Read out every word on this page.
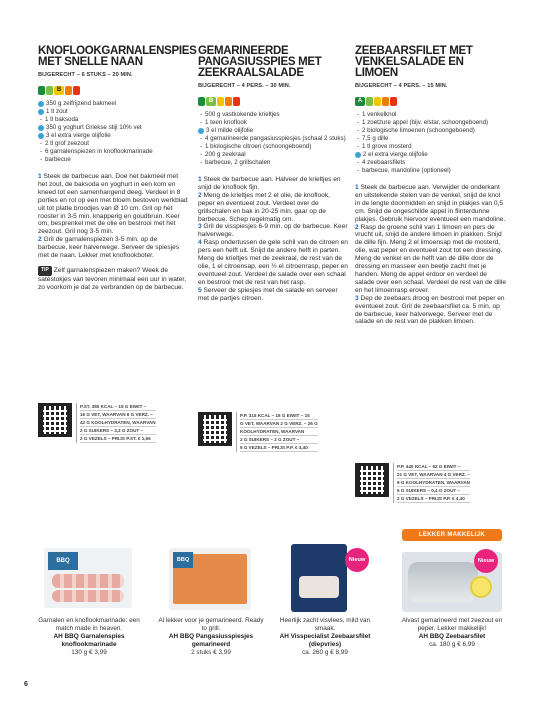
KNOFLOOKGARNALENSPIES MET SNELLE NAAN
BIJGERECHT – 6 STUKS – 20 MIN.
B
350 g zelfrijzend bakmeel
1 tl zout
- 1 tl baksoda
350 g yoghurt Griekse stijl 10% vet
3 el extra vierge olijfolie
- 2 tl grof zeezout
- 6 garnalenspiezen in knoflookmarinade
- barbecue

1 Steek de barbecue aan. Doe het bakmeel met het zout, de baksoda en yoghurt in een kom en kneed tot een samenhangend deeg. Verdeel in 8 porties en rol op een met bloem bestoven werkblad uit tot platte broodjes van Ø 10 cm. Gril op het rooster in 3-5 min. knapperig en goudbruin. Keer om, besprenkel met de olie en bestrooi met het zeezout. Gril nog 3-5 min.

2 Gril de garnalenspiezen 3-5 min. op de barbecue, keer halverwege. Serveer de spiesjes met de naan. Lekker met knoflookboter.

TIP Zelf garnalenspiezen maken? Week de satéstokjes van tevoren minimaal een uur in water, zo voorkom je dat ze verbranden op de barbecue.
GEMARINEERDE PANGASIUSSPIES MET ZEEKRAALSALADE
BIJGERECHT – 4 PERS. – 30 MIN.
B
- 500 g vastkokende krieltjes
- 1 teen knoflook
3 el milde olijfolie
- 4 gemarineerde pangasiusspiesjes (schaal 2 stuks)
- 1 biologische citroen (schoongeboend)
- 200 g zeekraal
- barbecue, 2 grillschalen

1 Steek de barbecue aan. Halveer de krieltjes en snijd de knoflook fijn.

2 Meng de krieltjes met 2 el olie, de knoflook, peper en eventueel zout. Verdeel over de grillschalen en bak in 20-25 min. gaar op de barbecue. Schep regelmatig om.

3 Gril de visspiesjes 6-9 min. op de barbecue. Keer halverwege.

4 Rasp ondertussen de gele schil van de citroen en pers een helft uit. Snijd de andere helft in parten. Meng de krieltjes met de zeekraal, de rest van de olie, 1 el citroensap, een ½ el citroenrasp, peper en eventueel zout. Verdeel de salade over een schaal en bestrooi met de rest van het rasp.

5 Serveer de spiesjes met de salade en serveer met de partjes citroen.

ZEEBAARSFILET MET VENKELSALADE EN LIMOEN
BIJGERECHT – 4 PERS. – 15 MIN.
A
- 1 venkelknol
- 1 zoetzure appel (bijv. elstar, schoongeboend)
- 2 biologische limoenen (schoongeboend)
- 7,5 g dille
- 1 tl grove mosterd
2 el extra vierge olijfolie
- 4 zeebaarsfilets
- barbecue, mandoline (optioneel)

1 Steek de barbecue aan. Verwijder de onderkant en uitstekende stelen van de venkel, snijd de knol in de lengte doormidden en snijd in plakjes van 0,5 cm. Snijd de ongeschilde appel in flinterdunne plakjes. Gebruik hiervoor eventueel een mandoline.

2 Rasp de groene schil van 1 limoen en pers de vrucht uit, snijd de andere limoen in plakken. Snijd de dille fijn. Meng 2 el limoensap met de mosterd, olie, wat peper en eventueel zout tot een dressing. Meng de venkel en de helft van de dille door de dressing en masseer een beetje zacht met je handen. Meng de appel erdoor en verdeel de salade over een schaal. Verdeel de rest van de dille en het limoenrasp erover.

3 Dep de zeebaars droog en bestrooi met peper en eventueel zout. Gril de zeebaarsfilet ca. 5 min. op de barbecue, keer halverwege. Serveer met de salade en de rest van de plakken limoen.

P.ST. 380 KCAL – 16 G EIWIT –
16 G VET, WAARVAN 6 G VERZ. –
42 G KOOLHYDRATEN, WAARVAN
2 G SUIKERS – 3,3 G ZOUT –
2 G VEZELS – PRIJS P.ST. € 1,55
P.P. 315 KCAL – 16 G EIWIT – 15
G VET, WAARVAN 2 G VERZ. – 26 G
KOOLHYDRATEN, WAARVAN
2 G SUIKERS – 2 G ZOUT –
5 G VEZELS – PRIJS P.P. € 4,40
P.P. 440 KCAL – 52 G EIWIT –
21 G VET, WAARVAN 4 G VERZ. –
9 G KOOLHYDRATEN, WAARVAN
5 G SUIKERS – 0,4 G ZOUT –
2 G VEZELS – PRIJS P.P. € 4,40
LEKKER MAKKELIJK
BBQ	BBQ	Nieuw	Nieuw
Garnalen en knoflookmarinade: een match made in heaven.
AH BBQ Garnalenspies knoflookmarinade
130 g € 3,99
Al lekker voor je gemarineerd. Ready to grill.
AH BBQ Pangasiusspiesjes gemarineerd
2 stuks € 3,99
Heerlijk zacht visvlees, mild van smaak.
AH Visspecialist Zeebaarsfilet (diepvries)
ca. 260 g € 8,99
Alvast gemarineerd met zeezout en peper. Lekker makkelijk!
AH BBQ Zeebaarsfilet
ca. 180 g € 6,99
6
